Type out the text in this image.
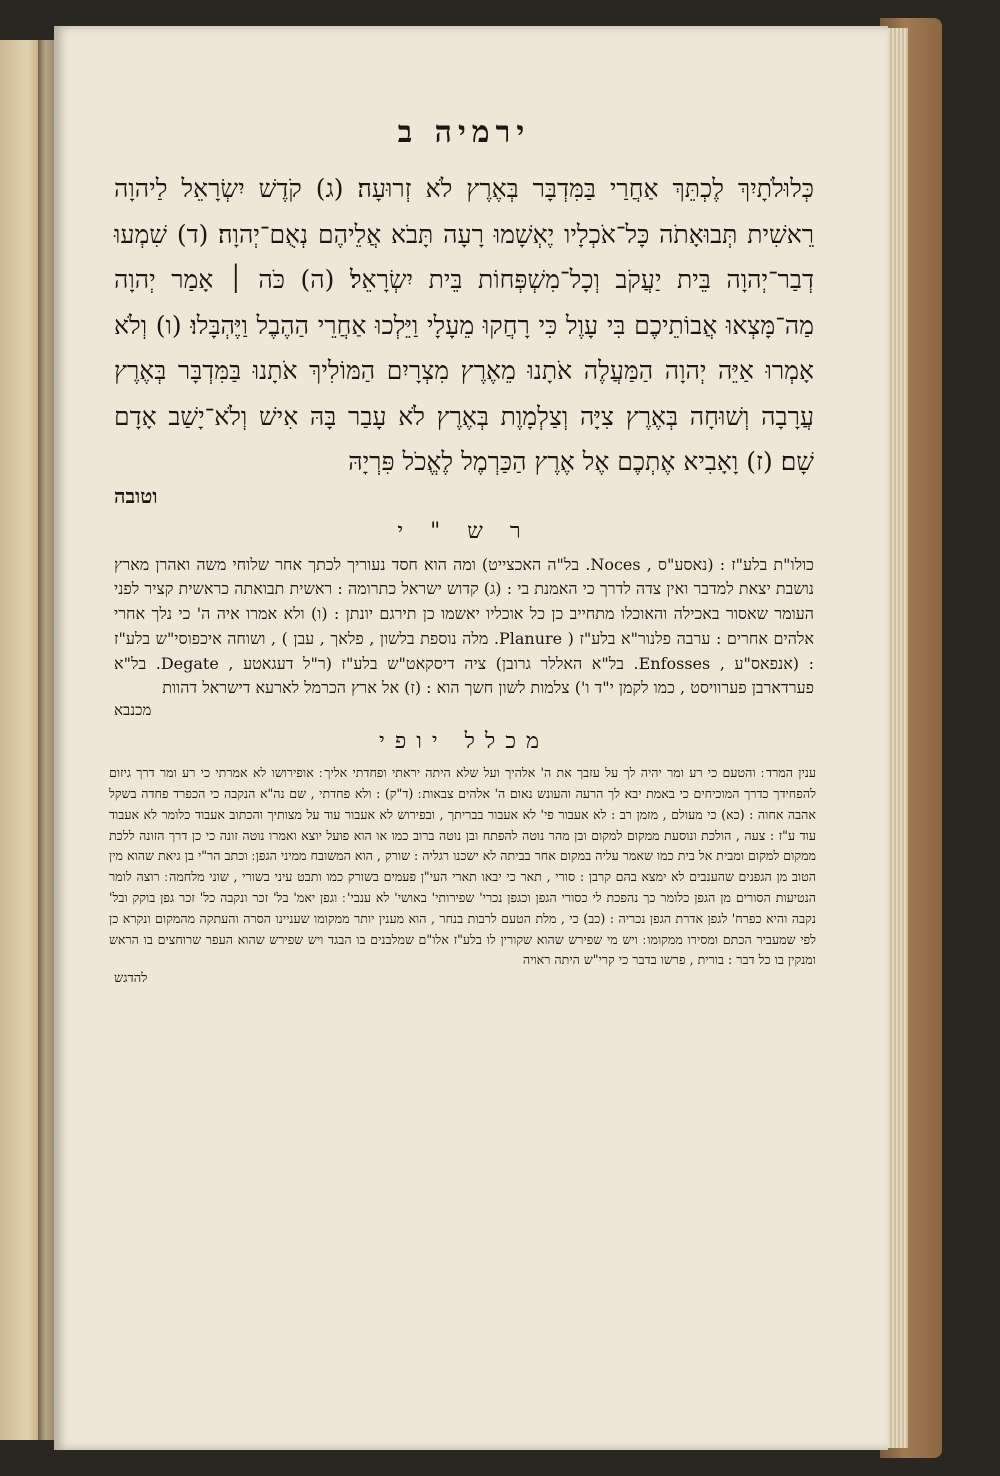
ירמיה ב

כְּלוּלֹתָיִךְ לֶכְתֵּךְ אַחֲרַי בַּמִּדְבָּר בְּאֶרֶץ לֹא זְרוּעָה׃ (ג) קֹדֶשׁ יִשְׂרָאֵל לַיהוָה רֵאשִׁית תְּבוּאָתֹה כָּל־אֹכְלָיו יֶאְשָׁמוּ רָעָה תָּבֹא אֲלֵיהֶם נְאֻם־יְהוָה׃ (ד) שִׁמְעוּ דְבַר־יְהוָה בֵּית יַעֲקֹב וְכָל־מִשְׁפְּחוֹת בֵּית יִשְׂרָאֵל׃ (ה) כֹּה ׀ אָמַר יְהוָה מַה־מָּצְאוּ אֲבוֹתֵיכֶם בִּי עָוֶל כִּי רָחֲקוּ מֵעָלָי וַיֵּלְכוּ אַחֲרֵי הַהֶבֶל וַיֶּהְבָּלוּ׃ (ו) וְלֹא אָמְרוּ אַיֵּה יְהוָה הַמַּעֲלֶה אֹתָנוּ מֵאֶרֶץ מִצְרָיִם הַמּוֹלִיךְ אֹתָנוּ בַּמִּדְבָּר בְּאֶרֶץ עֲרָבָה וְשׁוּחָה בְּאֶרֶץ צִיָּה וְצַלְמָוֶת בְּאֶרֶץ לֹא עָבַר בָּהּ אִישׁ וְלֹא־יָשַׁב אָדָם שָׁם׃ (ז) וָאָבִיא אֶתְכֶם אֶל אֶרֶץ הַכַּרְמֶל לֶאֱכֹל פִּרְיָהּ

וטובה
ר ש " י

כולו"ת בלע"ז : (נאסע"ס , Noces. בל"ה האכצייט) ומה הוא חסד נעוריך לכתך אחר שלוחי משה ואהרן מארץ נושבת יצאת למדבר ואין צדה לדרך כי האמנת בי : (ג) קדוש ישראל כתרומה : ראשית תבואתה כראשית קציר לפני העומר שאסור באכילה והאוכלו מתחייב כן כל אוכליו יאשמו כן תירגם יונתן : (ו) ולא אמרו איה ה' כי נלך אחרי אלהים אחרים : ערבה פלנור"א בלע"ז ( Planure. מלה נוספת בלשון , פלאך , עבן ) , ושוחה איכפוסי"ש בלע"ז : (אנפאס"ע , Enfosses. בל"א האללר גרובן) ציה דיסקאט"ש בלע"ז (ר"ל דעגאטע , Degate. בל"א פערדארבן פערוויסט , כמו לקמן י"ד ו') צלמות לשון חשך הוא : (ז) אל ארץ הכרמל לארעא דישראל דהוות

מכנבא
מכלל יופי

ענין המרד ׃ והטעם כי רע ומר יהיה לך על עזבך את ה' אלהיך ועל שלא היתה יראתי ופחדתי אליך ׃ אופירושו לא אמרתי כי רע ומר דרך גיזום להפחידך כדרך המוכיחים כי באמת יבא לך הרעה והעונש נאום ה' אלהים צבאות ׃ (ד"ק) : ולא פחדתי , שם נה"א הנקבה כי הכפרד פחדה בשקל אהבה אחוה : (כא) כי מעולם , מזמן רב : לא אעבור פי' לא אעבור בבריתך , ובפירוש לא אעבור עוד על מצותיך והכתוב אעבוד כלומר לא אעבוד עוד ע"ז : צעה , הולכת ונוסעת ממקום למקום ובן מהר נוטה להפתח ובן נוטה ברוב כמו או הוא פועל יוצא ואמרו נוטה זונה כי כן דרך הזונה ללכת ממקום למקום ומבית אל בית כמו שאמר עליה במקום אחר בביתה לא ישכנו רגליה : שורק , הוא המשובח ממיני הגפן ׃ וכתב הר"י בן גיאת שהוא מין הטוב מן הגפנים שהענבים לא ימצא בהם קרבן : סורי , תאר כי יבאו תארי העי"ן פעמים בשורק כמו ותבט עיני בשורי , שוני מלחמה ׃ רוצה לומר הנטיעות הסורים מן הגפן כלומר כך נהפכת לי כסורי הגפן וכגפן נכרי' שפירותי' באושי' לא ענבי' ׃ וגפן יאמ' בל' זכר ונקבה כל' זכר גפן בוקק ובל' נקבה והיא כפרח' לגפן אדרת הגפן נכריה : (כב) כי , מלת הטעם לרבות בנחר , הוא מענין יותר ממקומו שעניינו הסרה והעתקה מהמקום ונקרא כן לפי שמעביר הכתם ומסירו ממקומו ׃ ויש מי שפירש שהוא שקורין לו בלע"ז אלו"ם שמלבנים בו הבגד ויש שפירש שהוא העפר שרוחצים בו הראש ומנקין בו כל דבר : בורית , פרשו בדבר כי קרי"ש היתה ראויה

להדגש
